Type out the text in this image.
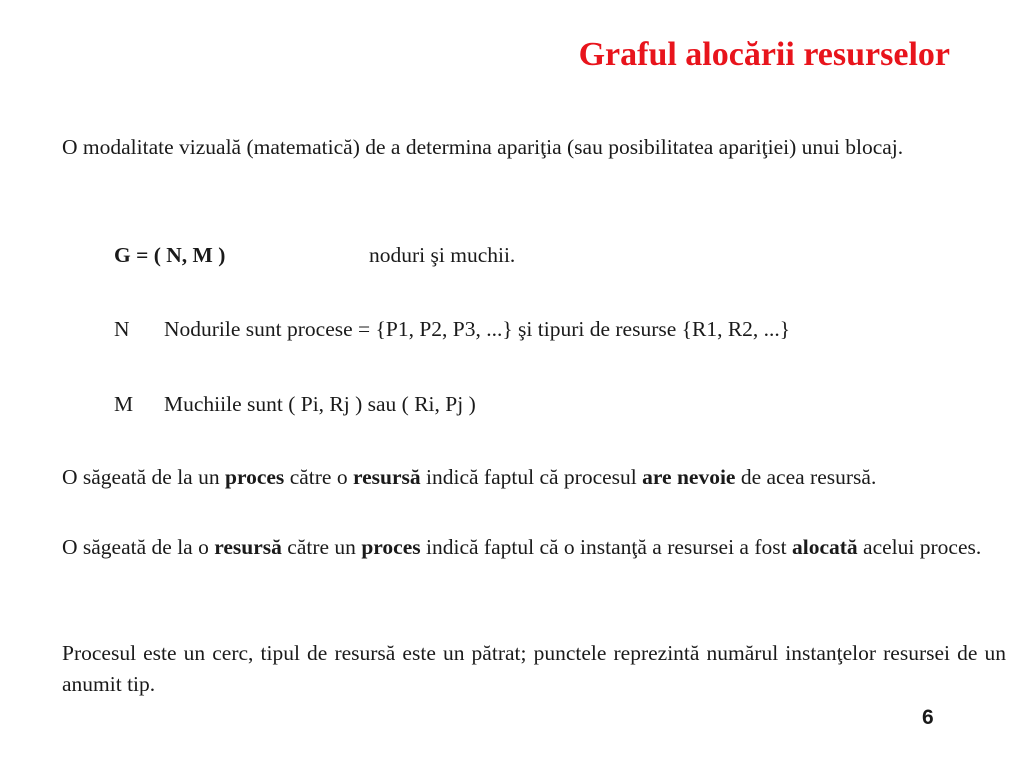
Graful alocării resurselor
O modalitate vizuală (matematică) de a determina apariţia (sau posibilitatea apariţiei) unui blocaj.
G = ( N, M )	noduri şi muchii.
N Nodurile sunt procese = {P1, P2, P3, ...} şi tipuri de resurse {R1, R2, ...}
M Muchiile sunt ( Pi, Rj ) sau ( Ri, Pj )
O săgeată de la un proces către o resursă indică faptul că procesul are nevoie de acea resursă.
O săgeată de la o resursă către un proces indică faptul că o instanţă a resursei a fost alocată acelui proces.
Procesul este un cerc, tipul de resursă este un pătrat; punctele reprezintă numărul instanţelor resursei de un anumit tip.
6
